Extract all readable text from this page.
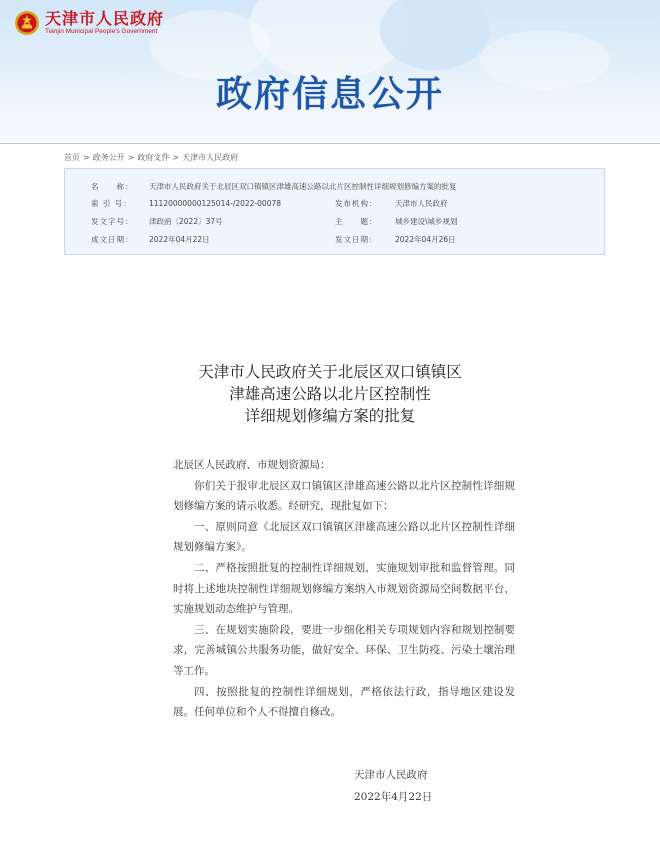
天津市人民政府
Tianjin Municipal People's Government
政府信息公开
首页 > 政务公开 > 政府文件 > 天津市人民政府
名　　称：	天津市人民政府关于北辰区双口镇镇区津雄高速公路以北片区控制性详细规划修编方案的批复
索 引 号：	11120000000125014-/2022-00078	发布机构： 天津市人民政府
发文字号：	津政函〔2022〕37号	主　　题： 城乡建设\城乡规划
成文日期：	2022年04月22日	发文日期： 2022年04月26日
天津市人民政府关于北辰区双口镇镇区
津雄高速公路以北片区控制性
详细规划修编方案的批复

北辰区人民政府、市规划资源局：

你们关于报审北辰区双口镇镇区津雄高速公路以北片区控制性详细规划修编方案的请示收悉。经研究，现批复如下：

一、原则同意《北辰区双口镇镇区津雄高速公路以北片区控制性详细规划修编方案》。

二、严格按照批复的控制性详细规划，实施规划审批和监督管理。同时将上述地块控制性详细规划修编方案纳入市规划资源局空间数据平台，实施规划动态维护与管理。

三、在规划实施阶段，要进一步细化相关专项规划内容和规划控制要求，完善城镇公共服务功能，做好安全、环保、卫生防疫、污染土壤治理等工作。

四、按照批复的控制性详细规划，严格依法行政，指导地区建设发展。任何单位和个人不得擅自修改。

天津市人民政府
2022年4月22日
